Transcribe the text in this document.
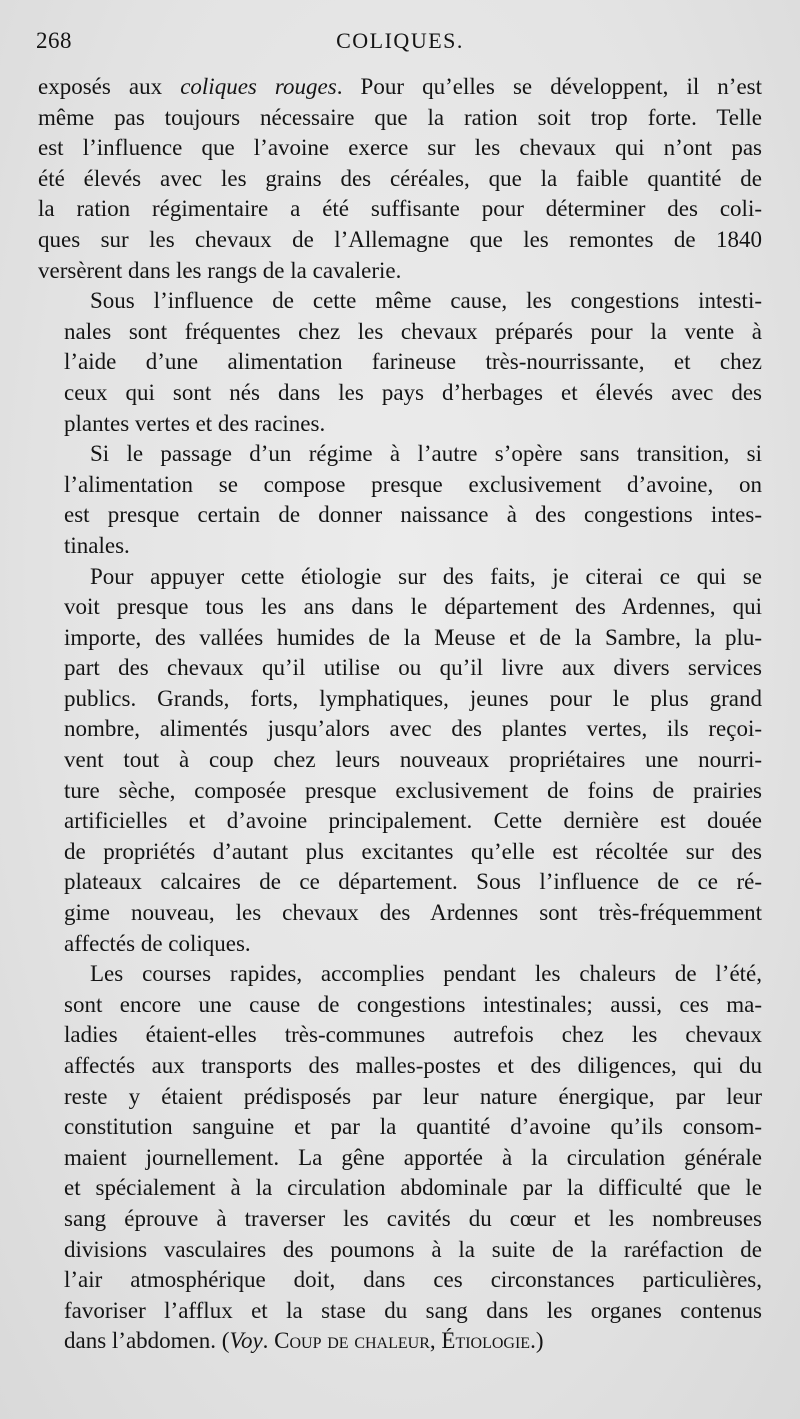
268	COLIQUES.
exposés aux coliques rouges. Pour qu’elles se développent, il n’est
même pas toujours nécessaire que la ration soit trop forte. Telle
est l’influence que l’avoine exerce sur les chevaux qui n’ont pas
été élevés avec les grains des céréales, que la faible quantité de
la ration régimentaire a été suffisante pour déterminer des coli-
ques sur les chevaux de l’Allemagne que les remontes de 1840
versèrent dans les rangs de la cavalerie.
Sous l’influence de cette même cause, les congestions intesti-
nales sont fréquentes chez les chevaux préparés pour la vente à
l’aide d’une alimentation farineuse très-nourrissante, et chez
ceux qui sont nés dans les pays d’herbages et élevés avec des
plantes vertes et des racines.
Si le passage d’un régime à l’autre s’opère sans transition, si
l’alimentation se compose presque exclusivement d’avoine, on
est presque certain de donner naissance à des congestions intes-
tinales.
Pour appuyer cette étiologie sur des faits, je citerai ce qui se
voit presque tous les ans dans le département des Ardennes, qui
importe, des vallées humides de la Meuse et de la Sambre, la plu-
part des chevaux qu’il utilise ou qu’il livre aux divers services
publics. Grands, forts, lymphatiques, jeunes pour le plus grand
nombre, alimentés jusqu’alors avec des plantes vertes, ils reçoi-
vent tout à coup chez leurs nouveaux propriétaires une nourri-
ture sèche, composée presque exclusivement de foins de prairies
artificielles et d’avoine principalement. Cette dernière est douée
de propriétés d’autant plus excitantes qu’elle est récoltée sur des
plateaux calcaires de ce département. Sous l’influence de ce ré-
gime nouveau, les chevaux des Ardennes sont très-fréquemment
affectés de coliques.
Les courses rapides, accomplies pendant les chaleurs de l’été,
sont encore une cause de congestions intestinales; aussi, ces ma-
ladies étaient-elles très-communes autrefois chez les chevaux
affectés aux transports des malles-postes et des diligences, qui du
reste y étaient prédisposés par leur nature énergique, par leur
constitution sanguine et par la quantité d’avoine qu’ils consom-
maient journellement. La gêne apportée à la circulation générale
et spécialement à la circulation abdominale par la difficulté que le
sang éprouve à traverser les cavités du cœur et les nombreuses
divisions vasculaires des poumons à la suite de la raréfaction de
l’air atmosphérique doit, dans ces circonstances particulières,
favoriser l’afflux et la stase du sang dans les organes contenus
dans l’abdomen. (Voy. Coup de chaleur, Étiologie.)
